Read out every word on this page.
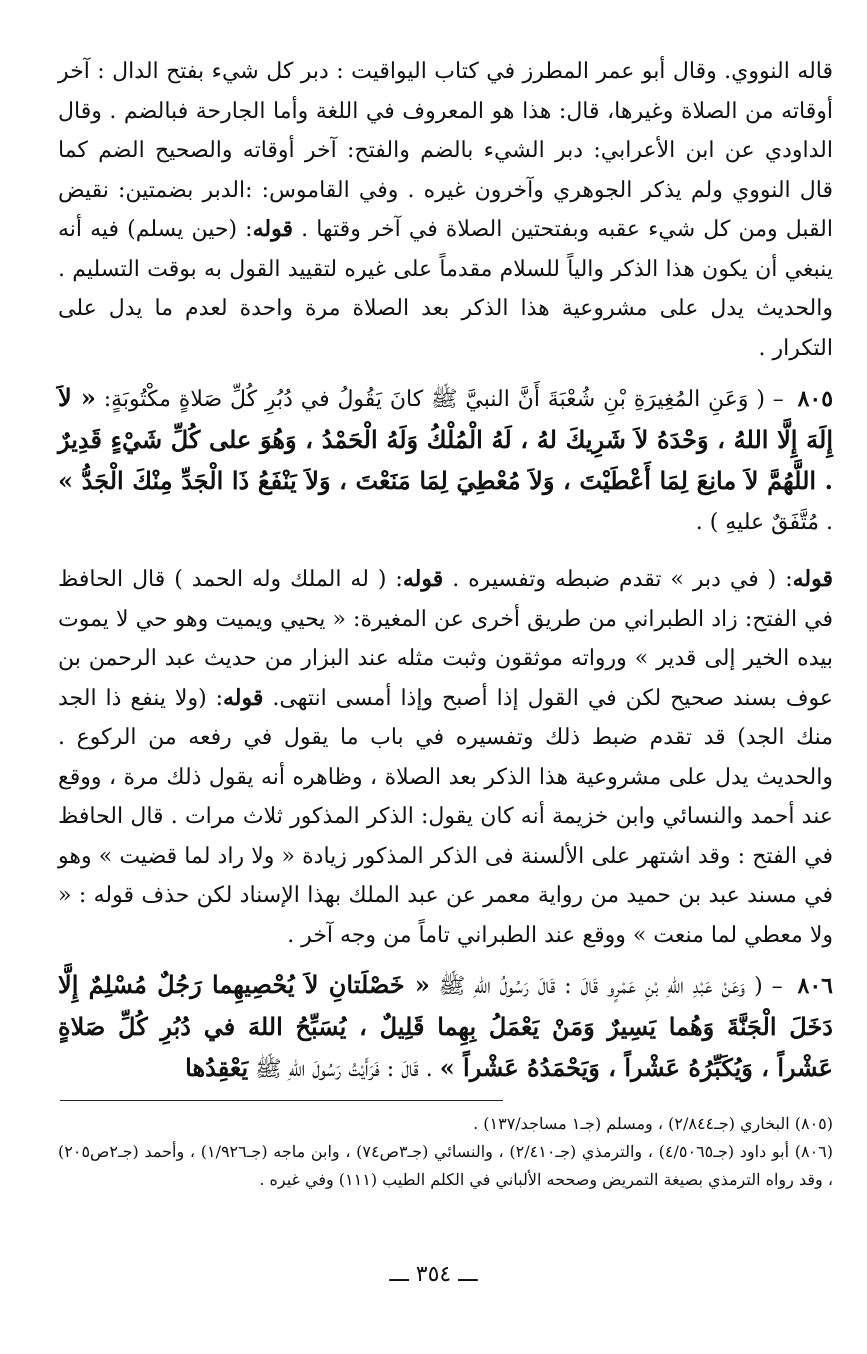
قاله النووي. وقال أبو عمر المطرز في كتاب اليواقيت : دبر كل شيء بفتح الدال : آخر أوقاته من الصلاة وغيرها، قال: هذا هو المعروف في اللغة وأما الجارحة فبالضم . وقال الداودي عن ابن الأعرابي: دبر الشيء بالضم والفتح: آخر أوقاته والصحيح الضم كما قال النووي ولم يذكر الجوهري وآخرون غيره . وفي القاموس: :الدبر بضمتين: نقيض القبل ومن كل شيء عقبه وبفتحتين الصلاة في آخر وقتها . قوله: (حين يسلم) فيه أنه ينبغي أن يكون هذا الذكر والياً للسلام مقدماً على غيره لتقييد القول به بوقت التسليم . والحديث يدل على مشروعية هذا الذكر بعد الصلاة مرة واحدة لعدم ما يدل على التكرار .

٨٠٥ – ( وَعَنِ المُغِيرَةِ بْنِ شُعْبَةَ أَنَّ النبيَّ ﷺ كانَ يَقُولُ في دُبُرِ كُلِّ صَلاةٍ مكْتُوبَةٍ: « لاَ إِلَهَ إِلَّا اللهُ ، وَحْدَهُ لاَ شَرِيكَ لهُ ، لَهُ الْمُلْكُ وَلَهُ الْحَمْدُ ، وَهُوَ على كُلِّ شَيْءٍ قَدِيرٌ . اللَّهُمَّ لاَ مانِعَ لِمَا أَعْطَيْتَ ، وَلاَ مُعْطِيَ لِمَا مَنَعْتَ ، وَلاَ يَنْفَعُ ذَا الْجَدِّ مِنْكَ الْجَدُّ » . مُتَّفَقٌ عليهِ ) .

قوله: ( في دبر » تقدم ضبطه وتفسيره . قوله: ( له الملك وله الحمد ) قال الحافظ في الفتح: زاد الطبراني من طريق أخرى عن المغيرة: « يحيي ويميت وهو حي لا يموت بيده الخير إلى قدير » ورواته موثقون وثبت مثله عند البزار من حديث عبد الرحمن بن عوف بسند صحيح لكن في القول إذا أصبح وإذا أمسى انتهى. قوله: (ولا ينفع ذا الجد منك الجد) قد تقدم ضبط ذلك وتفسيره في باب ما يقول في رفعه من الركوع . والحديث يدل على مشروعية هذا الذكر بعد الصلاة ، وظاهره أنه يقول ذلك مرة ، ووقع عند أحمد والنسائي وابن خزيمة أنه كان يقول: الذكر المذكور ثلاث مرات . قال الحافظ في الفتح : وقد اشتهر على الألسنة فى الذكر المذكور زيادة « ولا راد لما قضيت » وهو في مسند عبد بن حميد من رواية معمر عن عبد الملك بهذا الإسناد لكن حذف قوله : « ولا معطي لما منعت » ووقع عند الطبراني تاماً من وجه آخر .

٨٠٦ – ( وَعَنْ عَبْدِ اللهِ بْنِ عَمْرٍو قَالَ : قَالَ رَسُولُ اللهِ ﷺ « خَصْلَتانِ لاَ يُحْصِيهِما رَجُلٌ مُسْلِمٌ إِلَّا دَخَلَ الْجَنَّةَ وَهُما يَسِيرٌ وَمَنْ يَعْمَلُ بِهِما قَلِيلٌ ، يُسَبِّحُ اللهَ في دُبُرِ كُلِّ صَلاةٍ عَشْراً ، وَيُكَبِّرُهُ عَشْراً ، وَيَحْمَدُهُ عَشْراً » . قَالَ : فَرَأَيْتُ رَسُولَ اللهِ ﷺ يَعْقِدُها

(٨٠٥) البخاري (جـ٢/٨٤٤) ، ومسلم (جـ١ مساجد/١٣٧) .

(٨٠٦) أبو داود (جـ٤/٥٠٦٥) ، والترمذي (جـ٢/٤١٠) ، والنسائي (جـ٣ص٧٤) ، وابن ماجه (جـ١/٩٢٦) ، وأحمد (جـ٢ص٢٠٥) ، وقد رواه الترمذي بصيغة التمريض وصححه الألباني في الكلم الطيب (١١١) وفي غيره .

ـــ ٣٥٤ ـــ
